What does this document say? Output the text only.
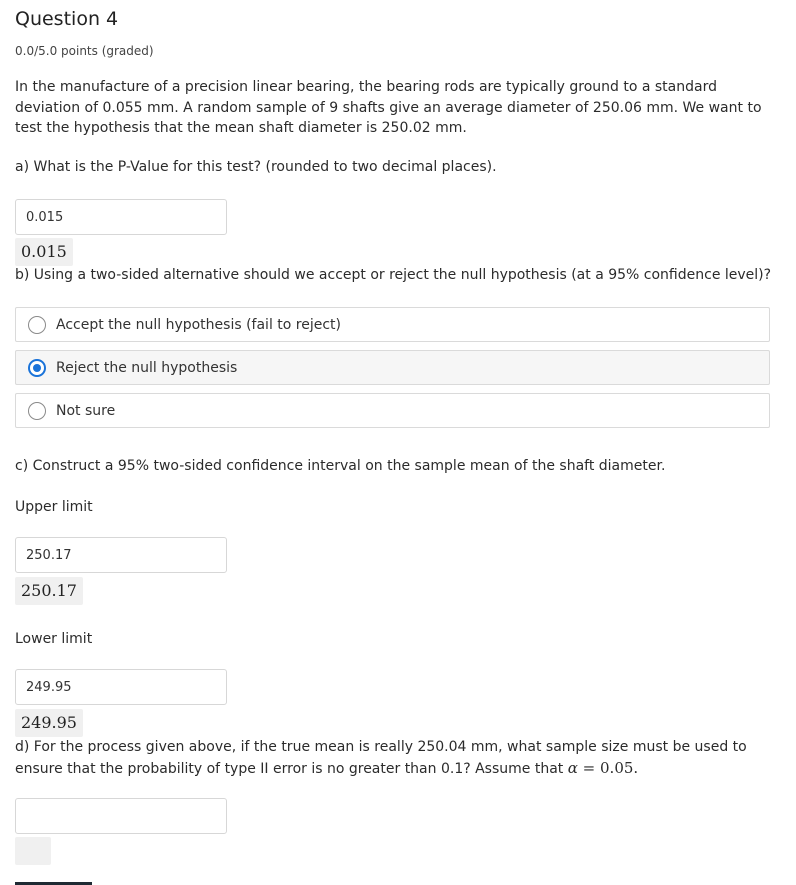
Question 4
0.0/5.0 points (graded)
In the manufacture of a precision linear bearing, the bearing rods are typically ground to a standard deviation of 0.055 mm. A random sample of 9 shafts give an average diameter of 250.06 mm. We want to test the hypothesis that the mean shaft diameter is 250.02 mm.
a) What is the P-Value for this test? (rounded to two decimal places).
0.015
0.015
b) Using a two-sided alternative should we accept or reject the null hypothesis (at a 95% confidence level)?
Accept the null hypothesis (fail to reject)
Reject the null hypothesis
Not sure
c) Construct a 95% two-sided confidence interval on the sample mean of the shaft diameter.
Upper limit
250.17
250.17
Lower limit
249.95
249.95
d) For the process given above, if the true mean is really 250.04 mm, what sample size must be used to ensure that the probability of type II error is no greater than 0.1? Assume that α = 0.05.
